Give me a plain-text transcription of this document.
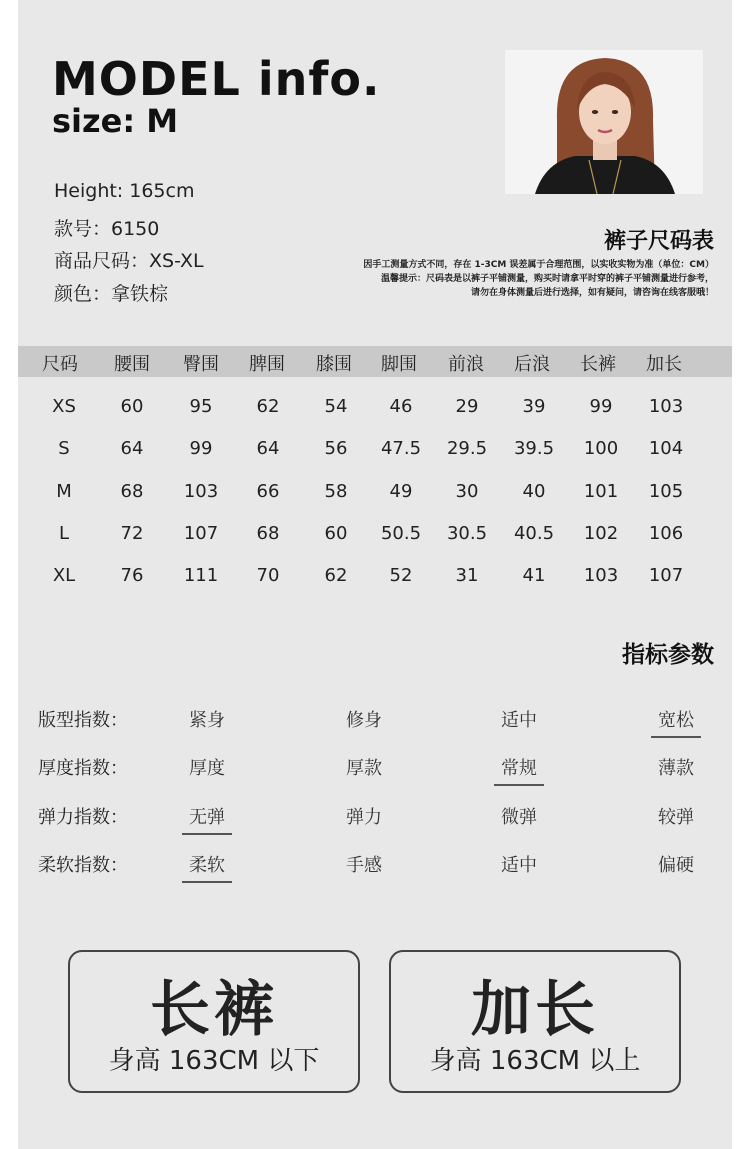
MODEL info.
size: M
Height: 165cm
款号：6150
商品尺码：XS-XL
颜色：拿铁棕
裤子尺码表
因手工测量方式不同，存在 1-3CM 误差属于合理范围，以实收实物为准（单位：CM）
温馨提示：尺码表是以裤子平铺测量，购买时请拿平时穿的裤子平铺测量进行参考，
请勿在身体测量后进行选择，如有疑问，请咨询在线客服哦！
尺码	腰围	臀围	脾围	膝围	脚围	前浪	后浪	长裤	加长
XS	60	95	62	54	46	29	39	99	103
S	64	99	64	56	47.5	29.5	39.5	100	104
M	68	103	66	58	49	30	40	101	105
L	72	107	68	60	50.5	30.5	40.5	102	106
XL	76	111	70	62	52	31	41	103	107
指标参数
版型指数：	紧身	修身	适中	宽松
厚度指数：	厚度	厚款	常规	薄款
弹力指数：	无弹	弹力	微弹	较弹
柔软指数：	柔软	手感	适中	偏硬
长裤
身高 163CM 以下
加长
身高 163CM 以上
